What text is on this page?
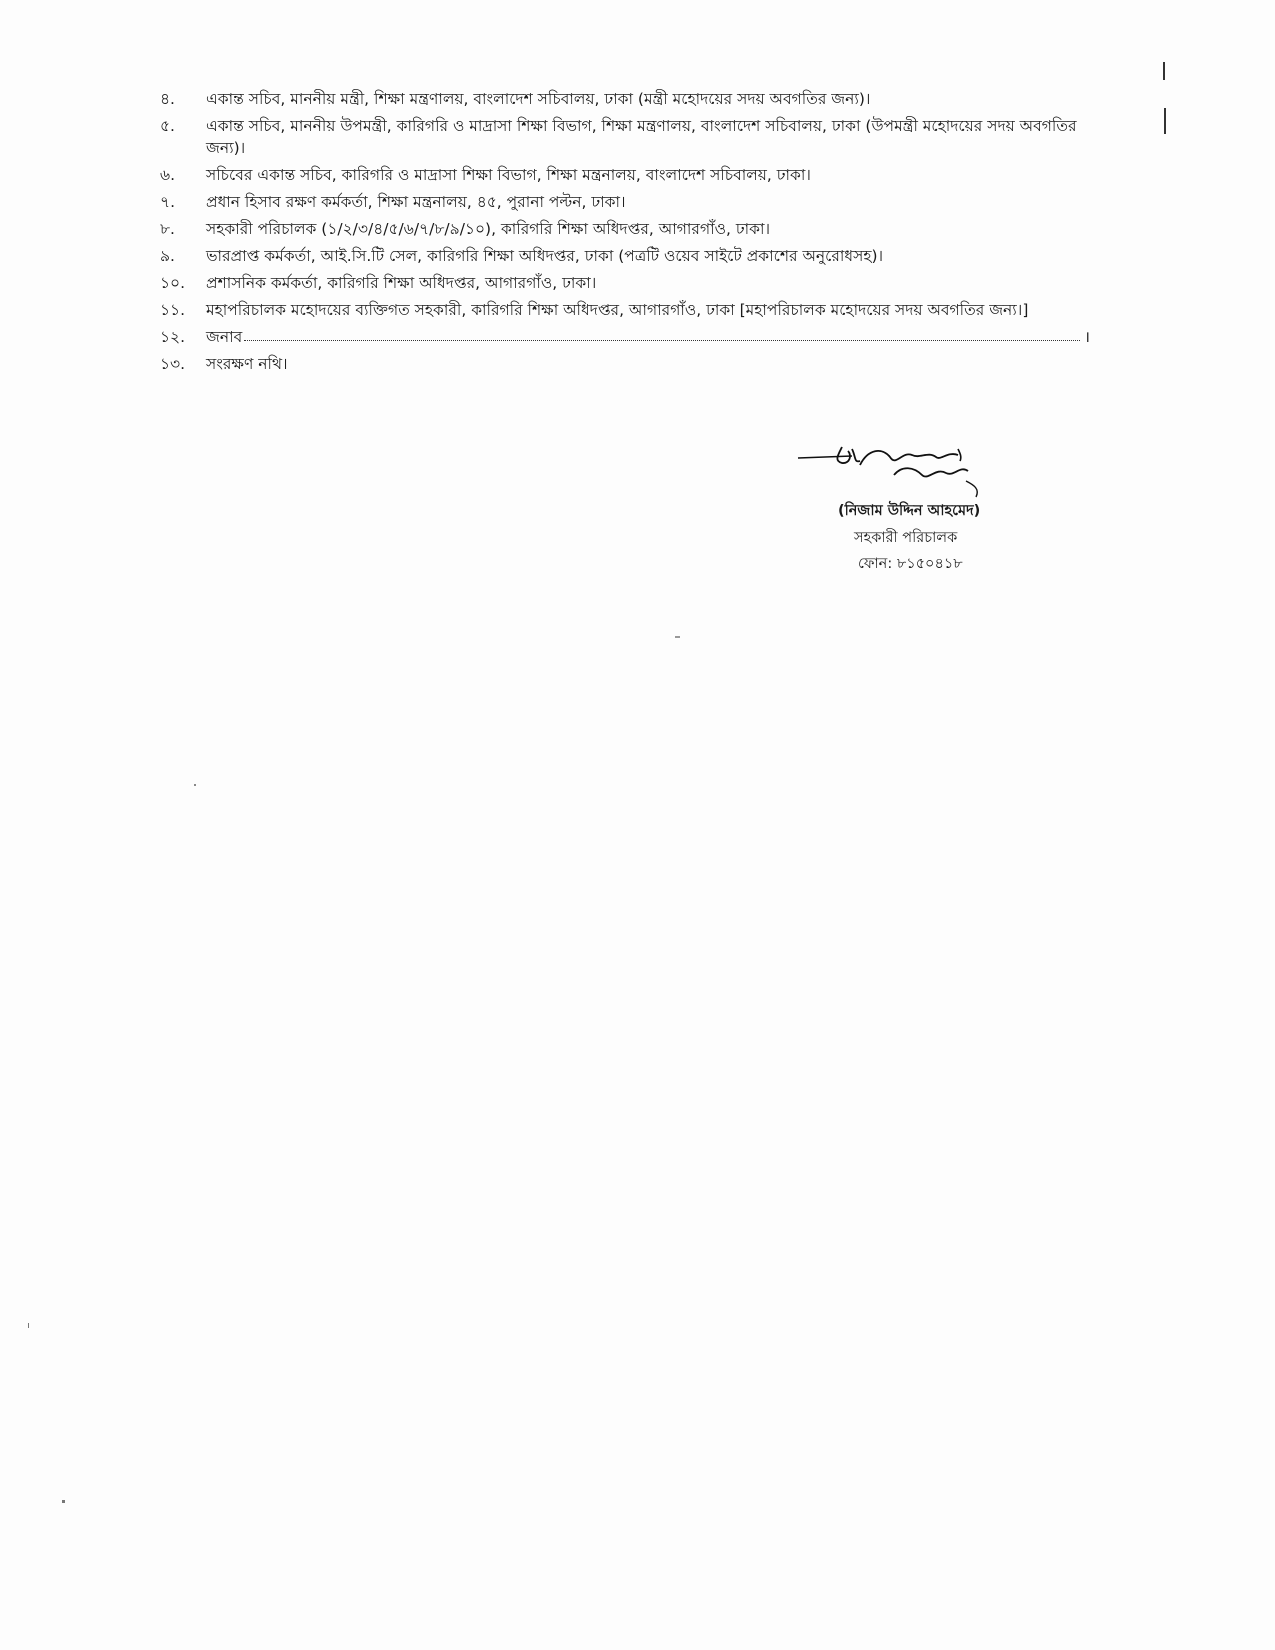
৪.	একান্ত সচিব, মাননীয় মন্ত্রী, শিক্ষা মন্ত্রণালয়, বাংলাদেশ সচিবালয়, ঢাকা (মন্ত্রী মহোদয়ের সদয় অবগতির জন্য)।
৫.	একান্ত সচিব, মাননীয় উপমন্ত্রী, কারিগরি ও মাদ্রাসা শিক্ষা বিভাগ, শিক্ষা মন্ত্রণালয়, বাংলাদেশ সচিবালয়, ঢাকা (উপমন্ত্রী মহোদয়ের সদয় অবগতির জন্য)।
৬.	সচিবের একান্ত সচিব, কারিগরি ও মাদ্রাসা শিক্ষা বিভাগ, শিক্ষা মন্ত্রনালয়, বাংলাদেশ সচিবালয়, ঢাকা।
৭.	প্রধান হিসাব রক্ষণ কর্মকর্তা, শিক্ষা মন্ত্রনালয়, ৪৫, পুরানা পল্টন, ঢাকা।
৮.	সহকারী পরিচালক (১/২/৩/৪/৫/৬/৭/৮/৯/১০), কারিগরি শিক্ষা অধিদপ্তর, আগারগাঁও, ঢাকা।
৯.	ভারপ্রাপ্ত কর্মকর্তা, আই.সি.টি সেল, কারিগরি শিক্ষা অধিদপ্তর, ঢাকা (পত্রটি ওয়েব সাইটে প্রকাশের অনুরোধসহ)।
১০.	প্রশাসনিক কর্মকর্তা, কারিগরি শিক্ষা অধিদপ্তর, আগারগাঁও, ঢাকা।
১১.	মহাপরিচালক মহোদয়ের ব্যক্তিগত সহকারী, কারিগরি শিক্ষা অধিদপ্তর, আগারগাঁও, ঢাকা [মহাপরিচালক মহোদয়ের সদয় অবগতির জন্য।]
১২.	জনাব	।
১৩.	সংরক্ষণ নথি।
(নিজাম উদ্দিন আহমেদ)
সহকারী পরিচালক
ফোন: ৮১৫০৪১৮
